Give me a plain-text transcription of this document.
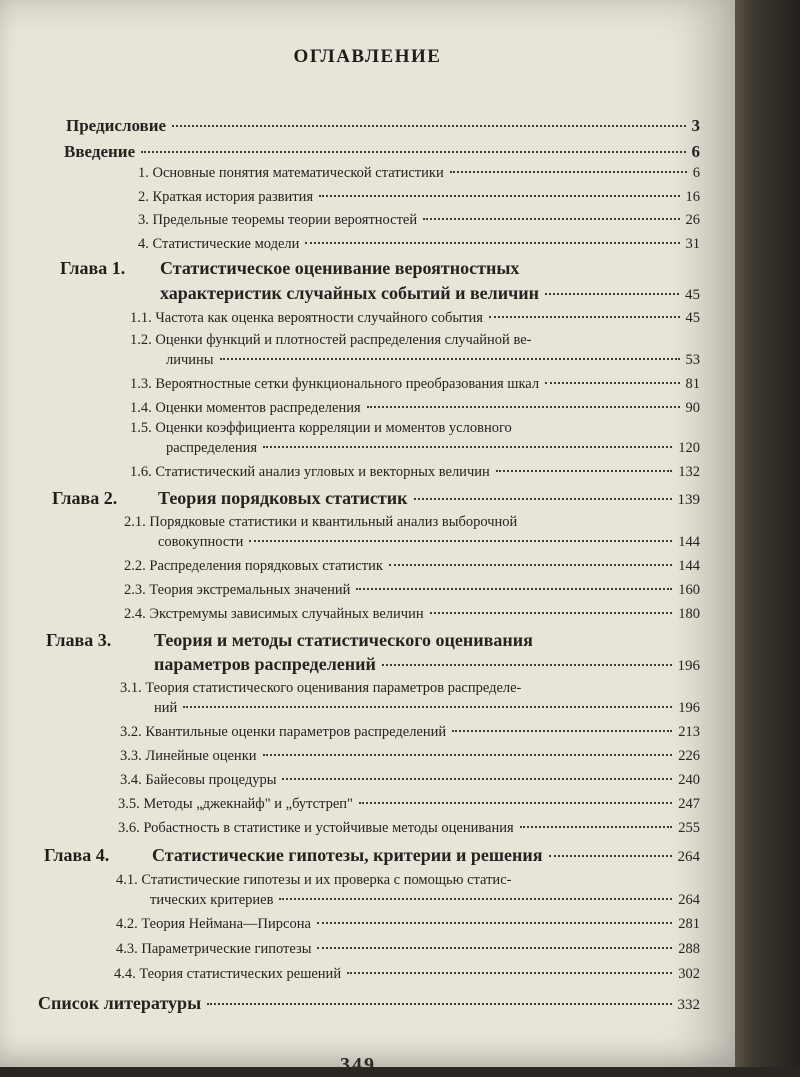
ОГЛАВЛЕНИЕ
Предисловие	3
Введение	6
1. Основные понятия математической статистики	6
2. Краткая история развития	16
3. Предельные теоремы теории вероятностей	26
4. Статистические модели	31
Глава 1. Статистическое оценивание вероятностных
характеристик случайных событий и величин	45
1.1. Частота как оценка вероятности случайного события	45
1.2. Оценки функций и плотностей распределения случайной ве-
личины	53
1.3. Вероятностные сетки функционального преобразования шкал	81
1.4. Оценки моментов распределения	90
1.5. Оценки коэффициента корреляции и моментов условного
распределения	120
1.6. Статистический анализ угловых и векторных величин	132
Глава 2. Теория порядковых статистик	139
2.1. Порядковые статистики и квантильный анализ выборочной
совокупности	144
2.2. Распределения порядковых статистик	144
2.3. Теория экстремальных значений	160
2.4. Экстремумы зависимых случайных величин	180
Глава 3. Теория и методы статистического оценивания
параметров распределений	196
3.1. Теория статистического оценивания параметров распределе-
ний	196
3.2. Квантильные оценки параметров распределений	213
3.3. Линейные оценки	226
3.4. Байесовы процедуры	240
3.5. Методы „джекнайф" и „бутстреп"	247
3.6. Робастность в статистике и устойчивые методы оценивания	255
Глава 4. Статистические гипотезы, критерии и решения	264
4.1. Статистические гипотезы и их проверка с помощью статис-
тических критериев	264
4.2. Теория Неймана—Пирсона	281
4.3. Параметрические гипотезы	288
4.4. Теория статистических решений	302
Список литературы	332
349
